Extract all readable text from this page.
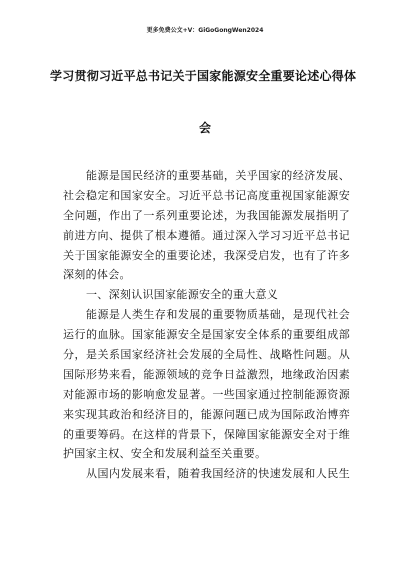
更多免费公文+V：GiGoGongWen2024
学习贯彻习近平总书记关于国家能源安全重要论述心得体
会
能源是国民经济的重要基础，关乎国家的经济发展、
社会稳定和国家安全。习近平总书记高度重视国家能源安
全问题，作出了一系列重要论述，为我国能源发展指明了
前进方向、提供了根本遵循。通过深入学习习近平总书记
关于国家能源安全的重要论述，我深受启发，也有了许多
深刻的体会。
一、深刻认识国家能源安全的重大意义
能源是人类生存和发展的重要物质基础，是现代社会
运行的血脉。国家能源安全是国家安全体系的重要组成部
分，是关系国家经济社会发展的全局性、战略性问题。从
国际形势来看，能源领域的竞争日益激烈，地缘政治因素
对能源市场的影响愈发显著。一些国家通过控制能源资源
来实现其政治和经济目的，能源问题已成为国际政治博弈
的重要筹码。在这样的背景下，保障国家能源安全对于维
护国家主权、安全和发展利益至关重要。
从国内发展来看，随着我国经济的快速发展和人民生
